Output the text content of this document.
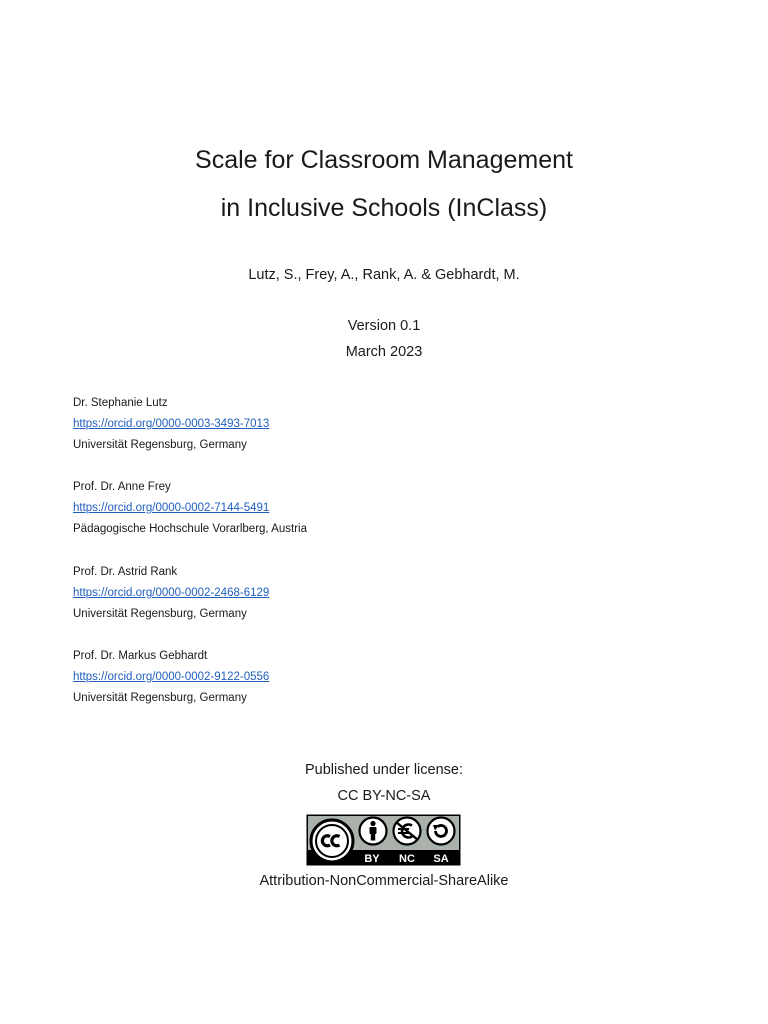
Scale for Classroom Management
in Inclusive Schools (InClass)
Lutz, S., Frey, A., Rank, A. & Gebhardt, M.
Version 0.1
March 2023
Dr. Stephanie Lutz
https://orcid.org/0000-0003-3493-7013
Universität Regensburg, Germany
Prof. Dr. Anne Frey
https://orcid.org/0000-0002-7144-5491
Pädagogische Hochschule Vorarlberg, Austria
Prof. Dr. Astrid Rank
https://orcid.org/0000-0002-2468-6129
Universität Regensburg, Germany
Prof. Dr. Markus Gebhardt
https://orcid.org/0000-0002-9122-0556
Universität Regensburg, Germany
Published under license:
CC BY-NC-SA
BY NC SA
Attribution-NonCommercial-ShareAlike
